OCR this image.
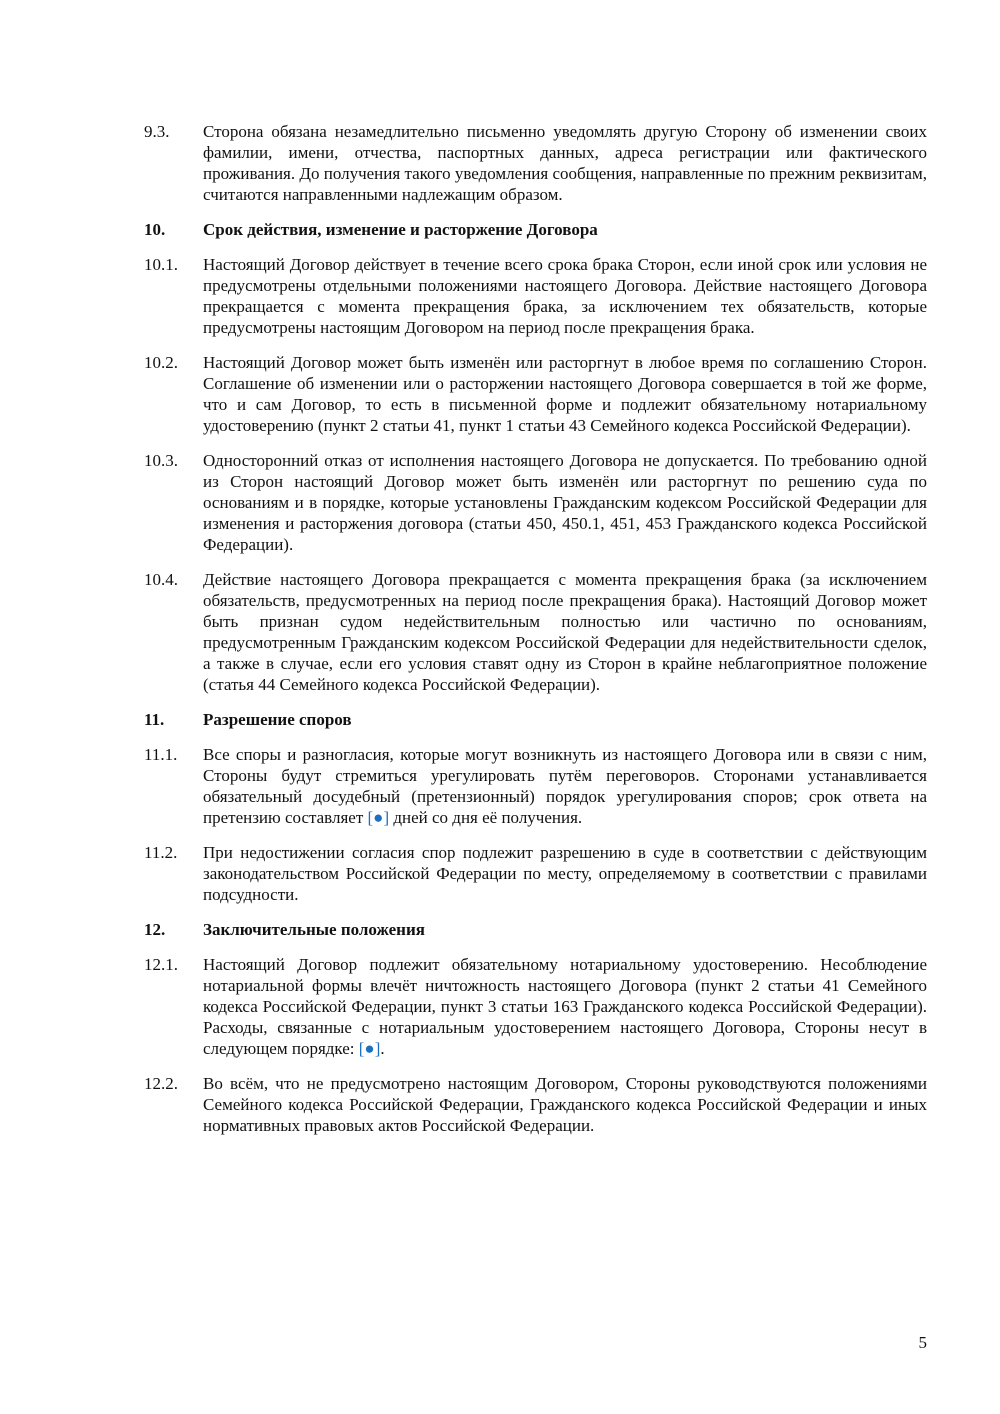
9.3.	Сторона обязана незамедлительно письменно уведомлять другую Сторону об изменении своих фамилии, имени, отчества, паспортных данных, адреса регистрации или фактического проживания. До получения такого уведомления сообщения, направленные по прежним реквизитам, считаются направленными надлежащим образом.
10.	Срок действия, изменение и расторжение Договора
10.1.	Настоящий Договор действует в течение всего срока брака Сторон, если иной срок или условия не предусмотрены отдельными положениями настоящего Договора. Действие настоящего Договора прекращается с момента прекращения брака, за исключением тех обязательств, которые предусмотрены настоящим Договором на период после прекращения брака.
10.2.	Настоящий Договор может быть изменён или расторгнут в любое время по соглашению Сторон. Соглашение об изменении или о расторжении настоящего Договора совершается в той же форме, что и сам Договор, то есть в письменной форме и подлежит обязательному нотариальному удостоверению (пункт 2 статьи 41, пункт 1 статьи 43 Семейного кодекса Российской Федерации).
10.3.	Односторонний отказ от исполнения настоящего Договора не допускается. По требованию одной из Сторон настоящий Договор может быть изменён или расторгнут по решению суда по основаниям и в порядке, которые установлены Гражданским кодексом Российской Федерации для изменения и расторжения договора (статьи 450, 450.1, 451, 453 Гражданского кодекса Российской Федерации).
10.4.	Действие настоящего Договора прекращается с момента прекращения брака (за исключением обязательств, предусмотренных на период после прекращения брака). Настоящий Договор может быть признан судом недействительным полностью или частично по основаниям, предусмотренным Гражданским кодексом Российской Федерации для недействительности сделок, а также в случае, если его условия ставят одну из Сторон в крайне неблагоприятное положение (статья 44 Семейного кодекса Российской Федерации).
11.	Разрешение споров
11.1.	Все споры и разногласия, которые могут возникнуть из настоящего Договора или в связи с ним, Стороны будут стремиться урегулировать путём переговоров. Сторонами устанавливается обязательный досудебный (претензионный) порядок урегулирования споров; срок ответа на претензию составляет [●] дней со дня её получения.
11.2.	При недостижении согласия спор подлежит разрешению в суде в соответствии с действующим законодательством Российской Федерации по месту, определяемому в соответствии с правилами подсудности.
12.	Заключительные положения
12.1.	Настоящий Договор подлежит обязательному нотариальному удостоверению. Несоблюдение нотариальной формы влечёт ничтожность настоящего Договора (пункт 2 статьи 41 Семейного кодекса Российской Федерации, пункт 3 статьи 163 Гражданского кодекса Российской Федерации). Расходы, связанные с нотариальным удостоверением настоящего Договора, Стороны несут в следующем порядке: [●].
12.2.	Во всём, что не предусмотрено настоящим Договором, Стороны руководствуются положениями Семейного кодекса Российской Федерации, Гражданского кодекса Российской Федерации и иных нормативных правовых актов Российской Федерации.
5
